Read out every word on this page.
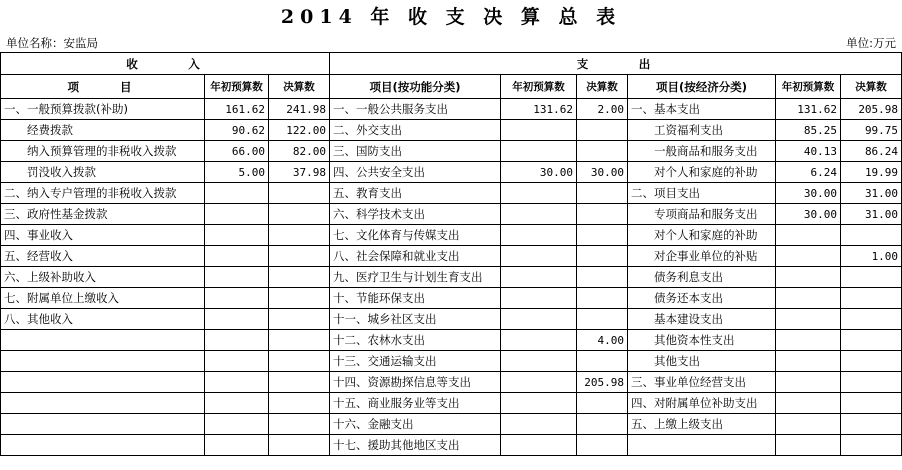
2014 年 收 支 决 算 总 表
单位名称：安监局	单位:万元
收　　　入			支　　　出					
项　　目	年初预算数	决算数	项目(按功能分类)	年初预算数	决算数	项目(按经济分类)	年初预算数	决算数
一、一般预算拨款(补助)	161.62	241.98	一、一般公共服务支出	131.62	2.00	一、基本支出	131.62	205.98
经费拨款	90.62	122.00	二、外交支出			工资福利支出	85.25	99.75
纳入预算管理的非税收入拨款	66.00	82.00	三、国防支出			一般商品和服务支出	40.13	86.24
罚没收入拨款	5.00	37.98	四、公共安全支出	30.00	30.00	对个人和家庭的补助	6.24	19.99
二、纳入专户管理的非税收入拨款			五、教育支出			二、项目支出	30.00	31.00
三、政府性基金拨款			六、科学技术支出			专项商品和服务支出	30.00	31.00
四、事业收入			七、文化体育与传媒支出			对个人和家庭的补助		
五、经营收入			八、社会保障和就业支出			对企事业单位的补贴		1.00
六、上级补助收入			九、医疗卫生与计划生育支出			债务利息支出		
七、附属单位上缴收入			十、节能环保支出			债务还本支出		
八、其他收入			十一、城乡社区支出			基本建设支出		
			十二、农林水支出		4.00	其他资本性支出		
			十三、交通运输支出			其他支出		
			十四、资源勘探信息等支出		205.98	三、事业单位经营支出		
			十五、商业服务业等支出			四、对附属单位补助支出		
			十六、金融支出			五、上缴上级支出		
			十七、援助其他地区支出					
